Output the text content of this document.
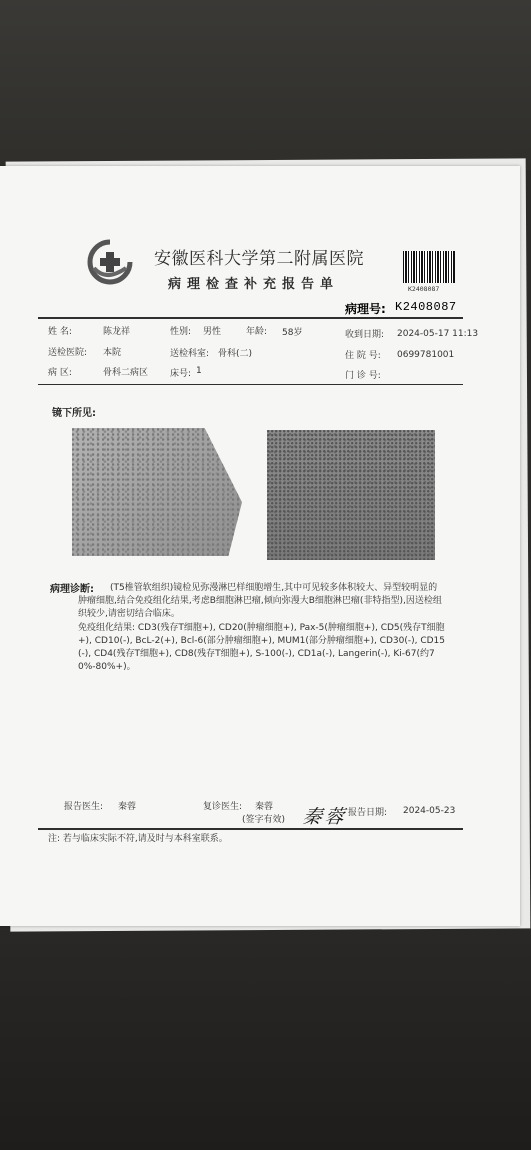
安徽医科大学第二附属医院
病理检查补充报告单	K2408087
病理号: K2408087
姓 名:	陈龙祥	性别: 男性	年龄: 58岁	收到日期: 2024-05-17 11:13
送检医院: 本院	送检科室: 骨科(二)	住 院 号: 0699781001
病 区:	骨科二病区 床号: 1	门 诊 号:
镜下所见:
病理诊断:	(T5椎管软组织)镜检见弥漫淋巴样细胞增生,其中可见较多体积较大、异型较明显的肿瘤细胞,结合免疫组化结果,考虑B细胞淋巴瘤,倾向弥漫大B细胞淋巴瘤(非特指型),因送检组织较少,请密切结合临床。
免疫组化结果: CD3(残存T细胞+), CD20(肿瘤细胞+), Pax-5(肿瘤细胞+), CD5(残存T细胞+), CD10(-), BcL-2(+), Bcl-6(部分肿瘤细胞+), MUM1(部分肿瘤细胞+), CD30(-), CD15(-), CD4(残存T细胞+), CD8(残存T细胞+), S-100(-), CD1a(-), Langerin(-), Ki-67(约70%-80%+)。
报告医生: 秦蓉	复诊医生: 秦蓉
(签字有效) 秦蓉 报告日期: 2024-05-23
注: 若与临床实际不符,请及时与本科室联系。
